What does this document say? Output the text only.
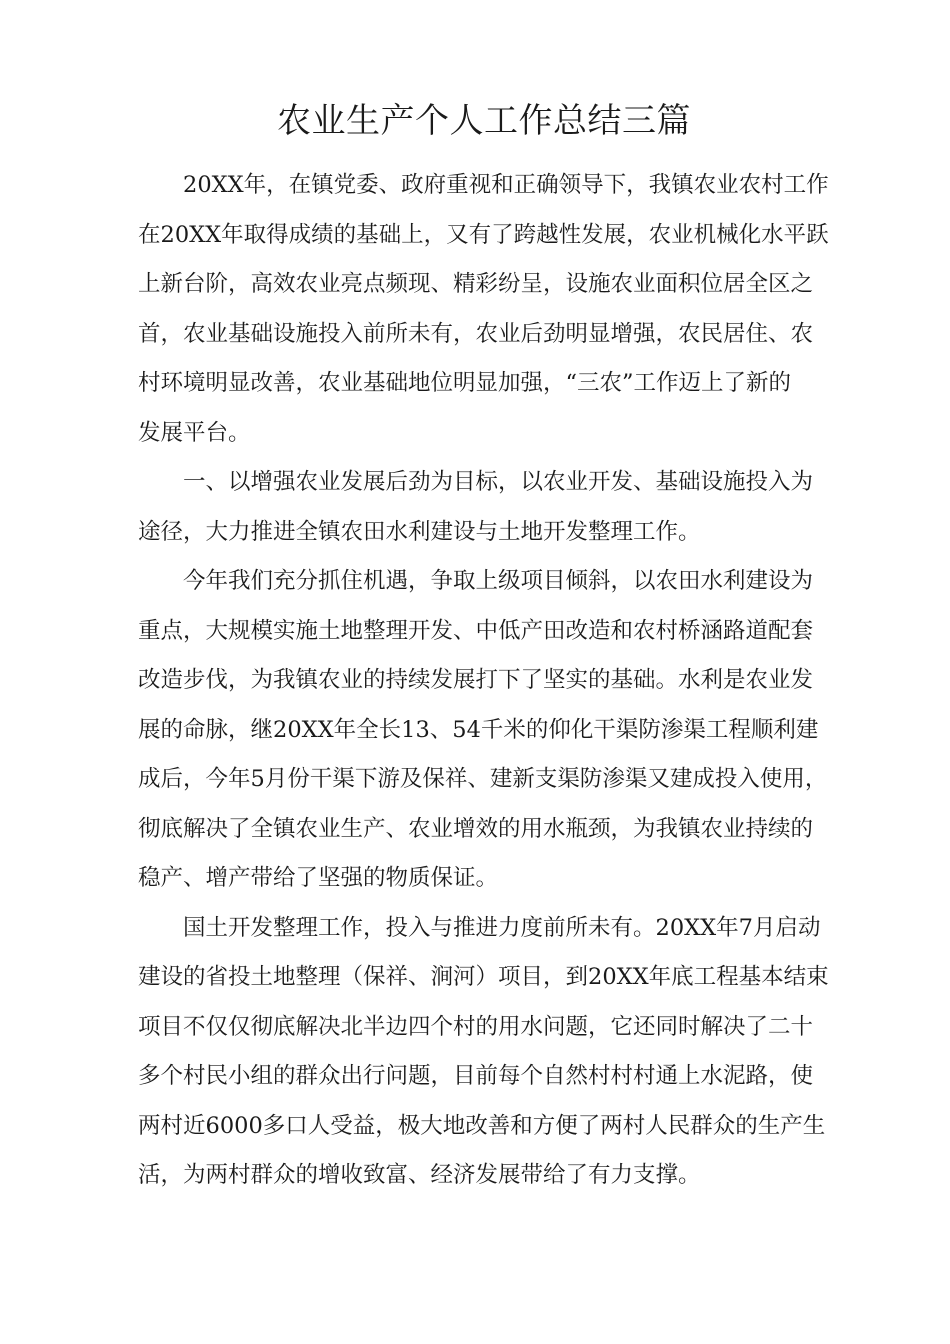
农业生产个人工作总结三篇
20XX年，在镇党委、政府重视和正确领导下，我镇农业农村工作
在20XX年取得成绩的基础上，又有了跨越性发展，农业机械化水平跃
上新台阶，高效农业亮点频现、精彩纷呈，设施农业面积位居全区之
首，农业基础设施投入前所未有，农业后劲明显增强，农民居住、农
村环境明显改善，农业基础地位明显加强，“三农”工作迈上了新的
发展平台。
一、以增强农业发展后劲为目标，以农业开发、基础设施投入为
途径，大力推进全镇农田水利建设与土地开发整理工作。
今年我们充分抓住机遇，争取上级项目倾斜，以农田水利建设为
重点，大规模实施土地整理开发、中低产田改造和农村桥涵路道配套
改造步伐，为我镇农业的持续发展打下了坚实的基础。水利是农业发
展的命脉，继20XX年全长13、54千米的仰化干渠防渗渠工程顺利建
成后，今年5月份干渠下游及保祥、建新支渠防渗渠又建成投入使用，
彻底解决了全镇农业生产、农业增效的用水瓶颈，为我镇农业持续的
稳产、增产带给了坚强的物质保证。
国土开发整理工作，投入与推进力度前所未有。20XX年7月启动
建设的省投土地整理（保祥、涧河）项目，到20XX年底工程基本结束
项目不仅仅彻底解决北半边四个村的用水问题，它还同时解决了二十
多个村民小组的群众出行问题，目前每个自然村村村通上水泥路，使
两村近6000多口人受益，极大地改善和方便了两村人民群众的生产生
活，为两村群众的增收致富、经济发展带给了有力支撑。
